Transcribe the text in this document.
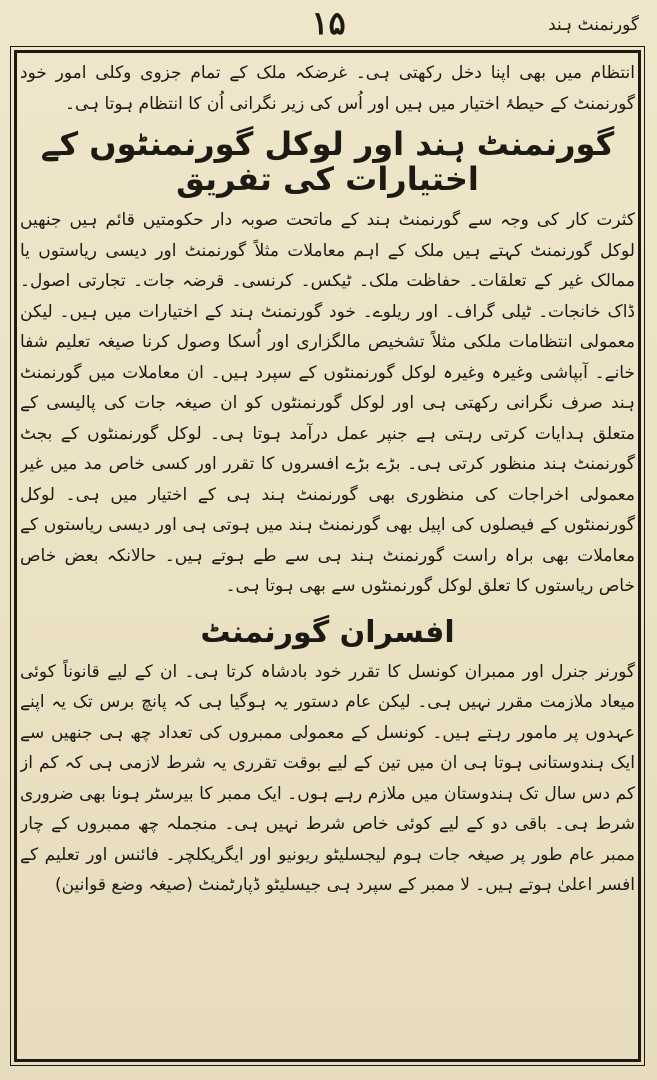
گورنمنٹ ہند
۱۵

انتظام میں بھی اپنا دخل رکھتی ہی۔ غرضکہ ملک کے تمام جزوی وکلی امور خود گورنمنٹ کے حیطۂ اختیار میں ہیں اور اُس کی زیر نگرانی اُن کا انتظام ہوتا ہی۔

گورنمنٹ ہند اور لوکل گورنمنٹوں کے اختیارات کی تفریق

کثرت کار کی وجہ سے گورنمنٹ ہند کے ماتحت صوبہ دار حکومتیں قائم ہیں جنھیں لوکل گورنمنٹ کہتے ہیں ملک کے اہم معاملات مثلاً گورنمنٹ اور دیسی ریاستوں یا ممالک غیر کے تعلقات۔ حفاظت ملک۔ ٹیکس۔ کرنسی۔ قرضہ جات۔ تجارتی اصول۔ ڈاک خانجات۔ ٹیلی گراف۔ اور ریلوے۔ خود گورنمنٹ ہند کے اختیارات میں ہیں۔ لیکن معمولی انتظامات ملکی مثلاً تشخیص مالگزاری اور اُسکا وصول کرنا صیغہ تعلیم شفا خانے۔ آبپاشی وغیرہ وغیرہ لوکل گورنمنٹوں کے سپرد ہیں۔ ان معاملات میں گورنمنٹ ہند صرف نگرانی رکھتی ہی اور لوکل گورنمنٹوں کو ان صیغہ جات کی پالیسی کے متعلق ہدایات کرتی رہتی ہے جنپر عمل درآمد ہوتا ہی۔ لوکل گورنمنٹوں کے بجٹ گورنمنٹ ہند منظور کرتی ہی۔ بڑے بڑے افسروں کا تقرر اور کسی خاص مد میں غیر معمولی اخراجات کی منظوری بھی گورنمنٹ ہند ہی کے اختیار میں ہی۔ لوکل گورنمنٹوں کے فیصلوں کی اپیل بھی گورنمنٹ ہند میں ہوتی ہی اور دیسی ریاستوں کے معاملات بھی براہ راست گورنمنٹ ہند ہی سے طے ہوتے ہیں۔ حالانکہ بعض خاص خاص ریاستوں کا تعلق لوکل گورنمنٹوں سے بھی ہوتا ہی۔

افسران گورنمنٹ

گورنر جنرل اور ممبران کونسل کا تقرر خود بادشاہ کرتا ہی۔ ان کے لیے قانوناً کوئی میعاد ملازمت مقرر نہیں ہی۔ لیکن عام دستور یہ ہوگیا ہی کہ پانچ برس تک یہ اپنے عہدوں پر مامور رہتے ہیں۔ کونسل کے معمولی ممبروں کی تعداد چھ ہی جنھیں سے ایک ہندوستانی ہوتا ہی ان میں تین کے لیے بوقت تقرری یہ شرط لازمی ہی کہ کم از کم دس سال تک ہندوستان میں ملازم رہے ہوں۔ ایک ممبر کا بیرسٹر ہونا بھی ضروری شرط ہی۔ باقی دو کے لیے کوئی خاص شرط نہیں ہی۔ منجملہ چھ ممبروں کے چار ممبر عام طور پر صیغہ جات ہوم لیجسلیٹو ریونیو اور ایگریکلچر۔ فائنس اور تعلیم کے افسر اعلیٰ ہوتے ہیں۔ لا ممبر کے سپرد ہی جیسلیٹو ڈپارٹمنٹ (صیغہ وضع قوانین)
